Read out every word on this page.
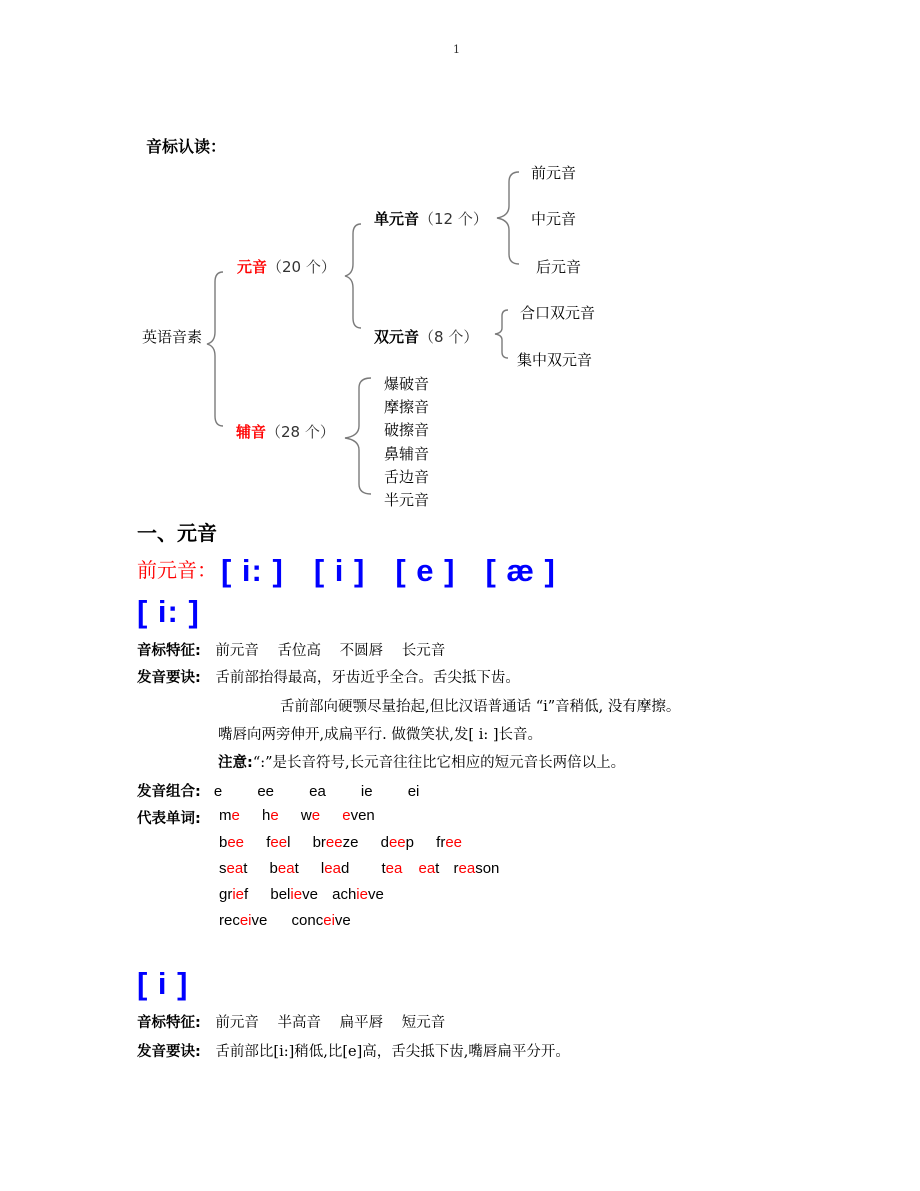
1
音标认读：
英语音素
元音（20 个）
辅音（28 个）
单元音（12 个）
双元音（8 个）
前元音
中元音
后元音
合口双元音
集中双元音
爆破音
摩擦音
破擦音
鼻辅音
舌边音
半元音
一、元音
前元音： [ i: ] [ i ] [ e ] [ æ ]
[ i: ]
音标特征: 前元音 舌位高 不圆唇 长元音
发音要诀: 舌前部抬得最高，牙齿近乎全合。舌尖抵下齿。
舌前部向硬颚尽量抬起,但比汉语普通话 “i”音稍低, 没有摩擦。
嘴唇向两旁伸开,成扁平行. 做微笑状,发[ i: ]长音。
注意:“:”是长音符号,长元音往往比它相应的短元音长两倍以上。
发音组合: e ee ea ie ei
代表单词: me he we even
bee feel breeze deep free
seat beat lead tea eat reason
grief believe achieve
receive conceive
[ i ]
音标特征: 前元音 半高音 扁平唇 短元音
发音要诀: 舌前部比[i:]稍低,比[e]高，舌尖抵下齿,嘴唇扁平分开。
